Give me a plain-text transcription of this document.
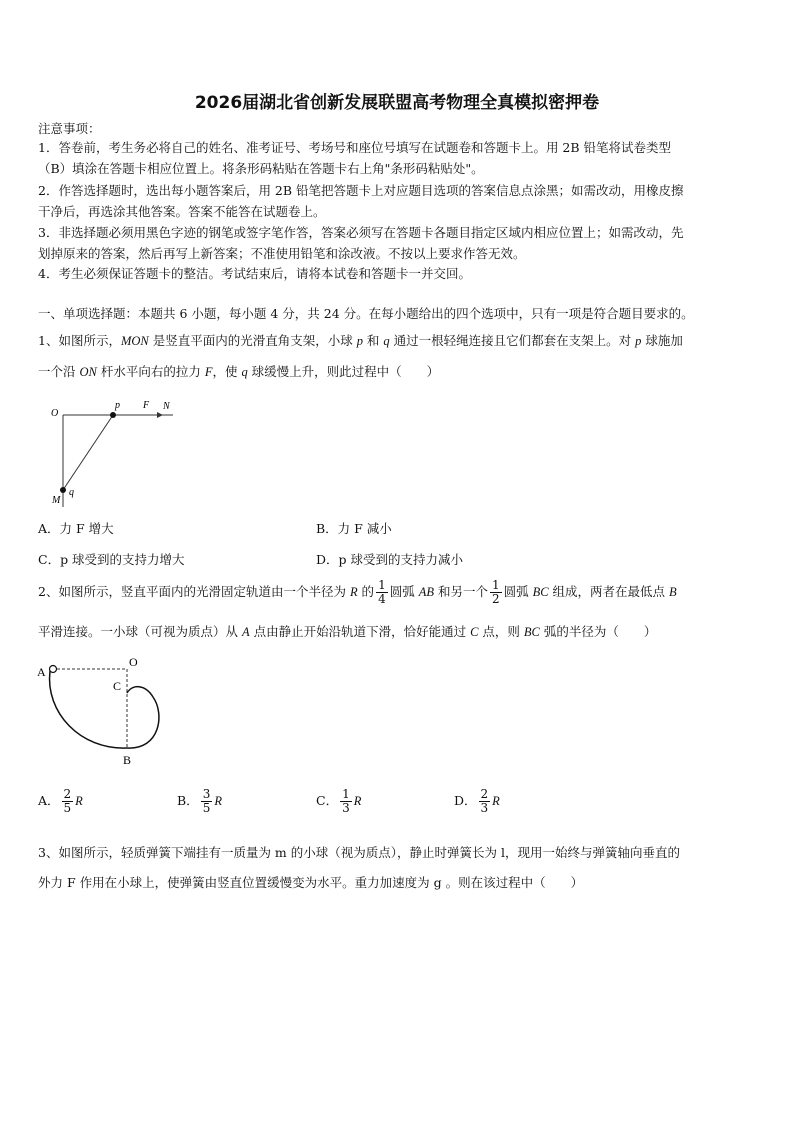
2026届湖北省创新发展联盟高考物理全真模拟密押卷
注意事项：
1．答卷前，考生务必将自己的姓名、准考证号、考场号和座位号填写在试题卷和答题卡上。用 2B 铅笔将试卷类型
（B）填涂在答题卡相应位置上。将条形码粘贴在答题卡右上角"条形码粘贴处"。
2．作答选择题时，选出每小题答案后，用 2B 铅笔把答题卡上对应题目选项的答案信息点涂黑；如需改动，用橡皮擦
干净后，再选涂其他答案。答案不能答在试题卷上。
3．非选择题必须用黑色字迹的钢笔或签字笔作答，答案必须写在答题卡各题目指定区域内相应位置上；如需改动，先
划掉原来的答案，然后再写上新答案；不准使用铅笔和涂改液。不按以上要求作答无效。
4．考生必须保证答题卡的整洁。考试结束后，请将本试卷和答题卡一并交回。
一、单项选择题：本题共 6 小题，每小题 4 分，共 24 分。在每小题给出的四个选项中，只有一项是符合题目要求的。
1、如图所示，MON 是竖直平面内的光滑直角支架，小球 p 和 q 通过一根轻绳连接且它们都套在支架上。对 p 球施加
一个沿 ON 杆水平向右的拉力 F，使 q 球缓慢上升，则此过程中（　　）
O
p F N
M
q
A．力 F 增大	B．力 F 减小
C．p 球受到的支持力增大	D．p 球受到的支持力减小
2、如图所示，竖直平面内的光滑固定轨道由一个半径为 R 的 $\frac{1}{4}$ 圆弧 AB 和另一个 $\frac{1}{2}$ 圆弧 BC 组成，两者在最低点 B
平滑连接。一小球（可视为质点）从 A 点由静止开始沿轨道下滑，恰好能通过 C 点，则 BC 弧的半径为（　　）
A
O
C
B
A． $\frac{2}{5}$ R	B． $\frac{3}{5}$ R	C． $\frac{1}{3}$ R	D． $\frac{2}{3}$ R
3、如图所示，轻质弹簧下端挂有一质量为 m 的小球（视为质点），静止时弹簧长为 l，现用一始终与弹簧轴向垂直的
外力 F 作用在小球上，使弹簧由竖直位置缓慢变为水平。重力加速度为 g 。则在该过程中（　　）
